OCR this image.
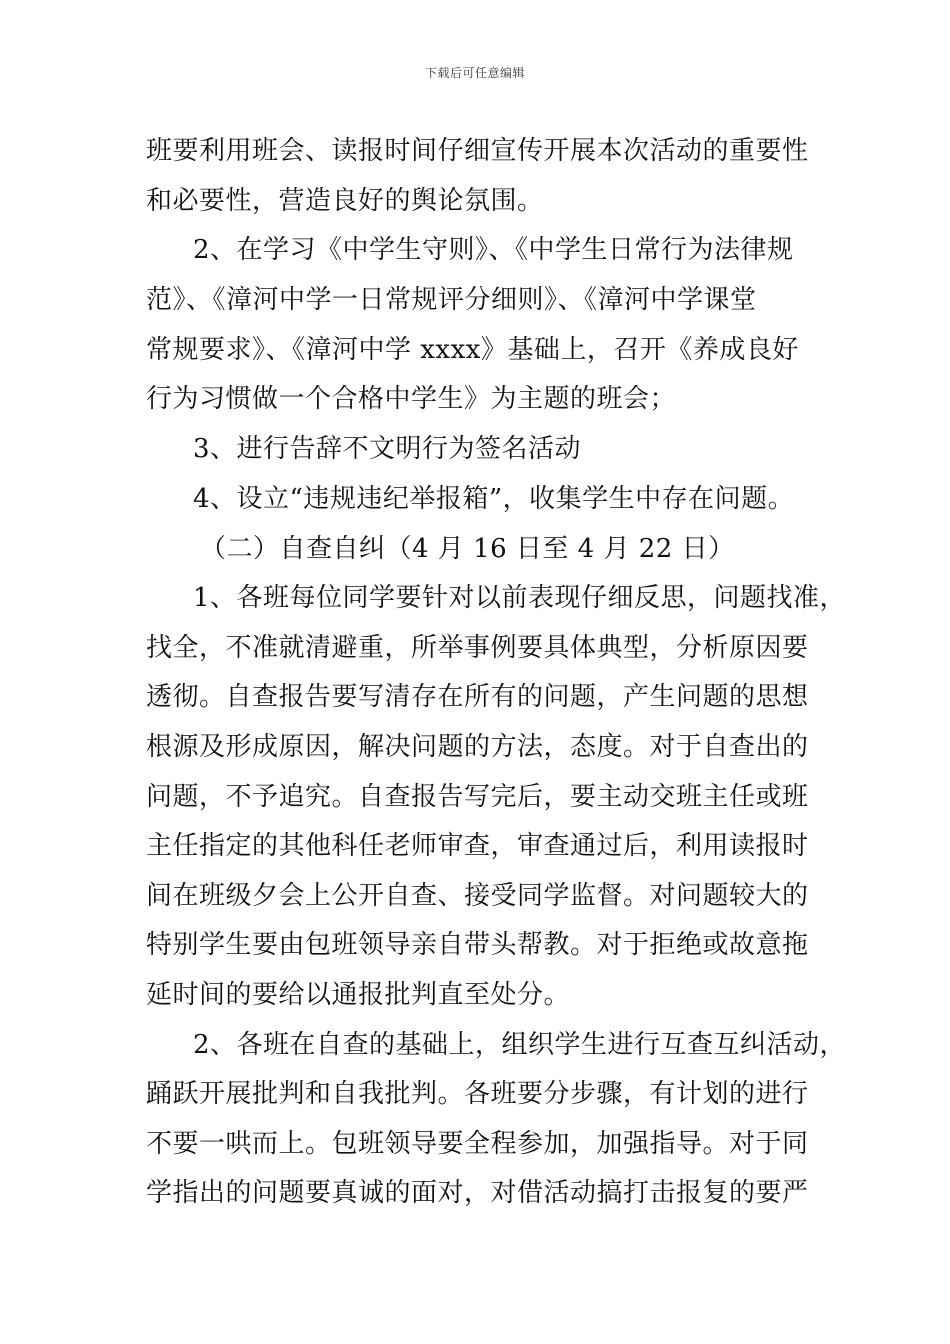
下载后可任意编辑
班要利用班会、读报时间仔细宣传开展本次活动的重要性
和必要性，营造良好的舆论氛围。
2、在学习《中学生守则》、《中学生日常行为法律规
范》、《漳河中学一日常规评分细则》、《漳河中学课堂
常规要求》、《漳河中学 xxxx》基础上，召开《养成良好
行为习惯做一个合格中学生》为主题的班会；
3、进行告辞不文明行为签名活动
4、设立“违规违纪举报箱”，收集学生中存在问题。
（二）自查自纠（4 月 16 日至 4 月 22 日）
1、各班每位同学要针对以前表现仔细反思，问题找准，
找全，不准就清避重，所举事例要具体典型，分析原因要
透彻。自查报告要写清存在所有的问题，产生问题的思想
根源及形成原因，解决问题的方法，态度。对于自查出的
问题，不予追究。自查报告写完后，要主动交班主任或班
主任指定的其他科任老师审查，审查通过后，利用读报时
间在班级夕会上公开自查、接受同学监督。对问题较大的
特别学生要由包班领导亲自带头帮教。对于拒绝或故意拖
延时间的要给以通报批判直至处分。
2、各班在自查的基础上，组织学生进行互查互纠活动，
踊跃开展批判和自我批判。各班要分步骤，有计划的进行
不要一哄而上。包班领导要全程参加，加强指导。对于同
学指出的问题要真诚的面对，对借活动搞打击报复的要严
